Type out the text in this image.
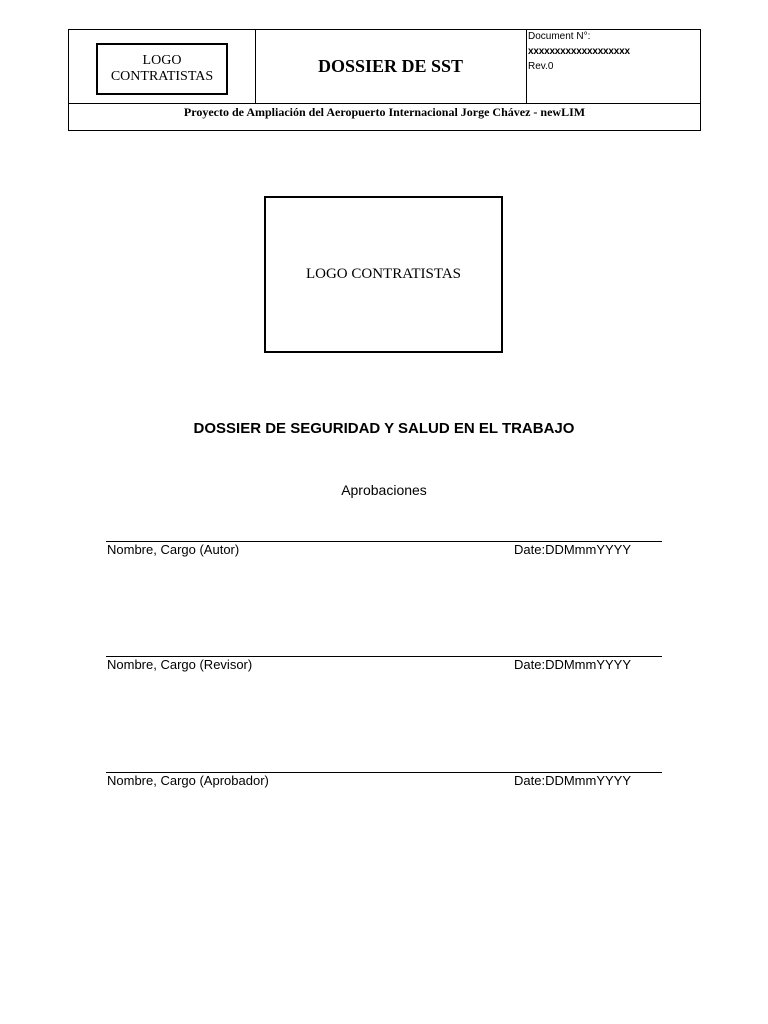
LOGO CONTRATISTAS
DOSSIER DE SST
Document N°:
xxxxxxxxxxxxxxxxxxx
Rev.0
Proyecto de Ampliación del Aeropuerto Internacional Jorge Chávez - newLIM
LOGO CONTRATISTAS
DOSSIER DE SEGURIDAD Y SALUD EN EL TRABAJO
Aprobaciones
Nombre, Cargo (Autor)	Date:DDMmmYYYY
Nombre, Cargo (Revisor)	Date:DDMmmYYYY
Nombre, Cargo (Aprobador)	Date:DDMmmYYYY
